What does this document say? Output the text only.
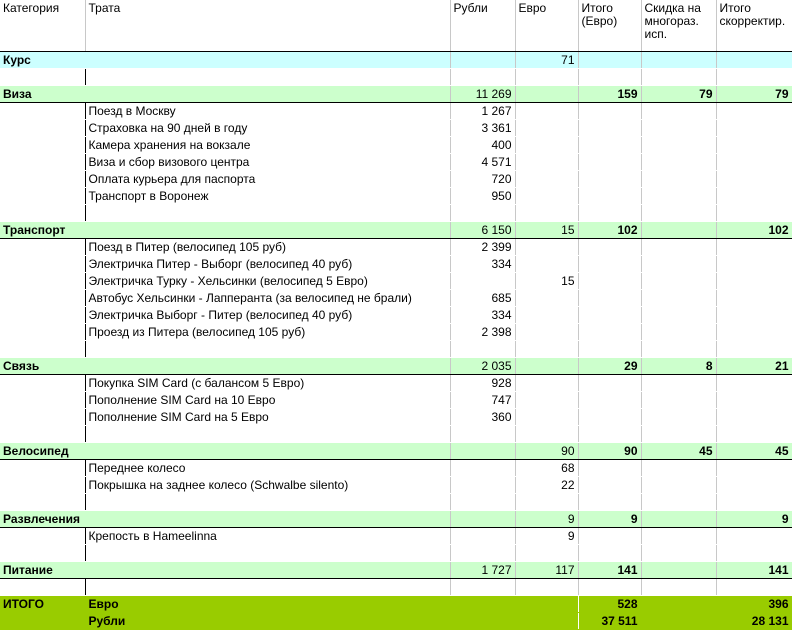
Категория	Трата	Рубли	Евро	Итого (Евро)	Скидка на многораз. исп.	Итого скорректир.
Курс			71			

Виза		11 269		159	79	79
	Поезд в Москву	1 267				
	Страховка на 90 дней в году	3 361				
	Камера хранения на вокзале	400				
	Виза и сбор визового центра	4 571				
	Оплата курьера для паспорта	720				
	Транспорт в Воронеж	950				

Транспорт		6 150	15	102		102
	Поезд в Питер (велосипед 105 руб)	2 399				
	Электричка Питер - Выборг (велосипед 40 руб)	334				
	Электричка Турку - Хельсинки (велосипед 5 Евро)		15			
	Автобус Хельсинки - Лапперанта (за велосипед не брали)	685				
	Электричка Выборг - Питер (велосипед 40 руб)	334				
	Проезд из Питера (велосипед 105 руб)	2 398				

Связь		2 035		29	8	21
	Покупка SIM Card (с балансом 5 Евро)	928				
	Пополнение SIM Card на 10 Евро	747				
	Пополнение SIM Card на 5 Евро	360				

Велосипед			90	90	45	45
	Переднее колесо		68			
	Покрышка на заднее колесо (Schwalbe silento)		22			

Развлечения			9	9		9
	Крепость в Hameelinna		9			

Питание		1 727	117	141		141

ИТОГО	Евро			528		396
	Рубли			37 511		28 131
